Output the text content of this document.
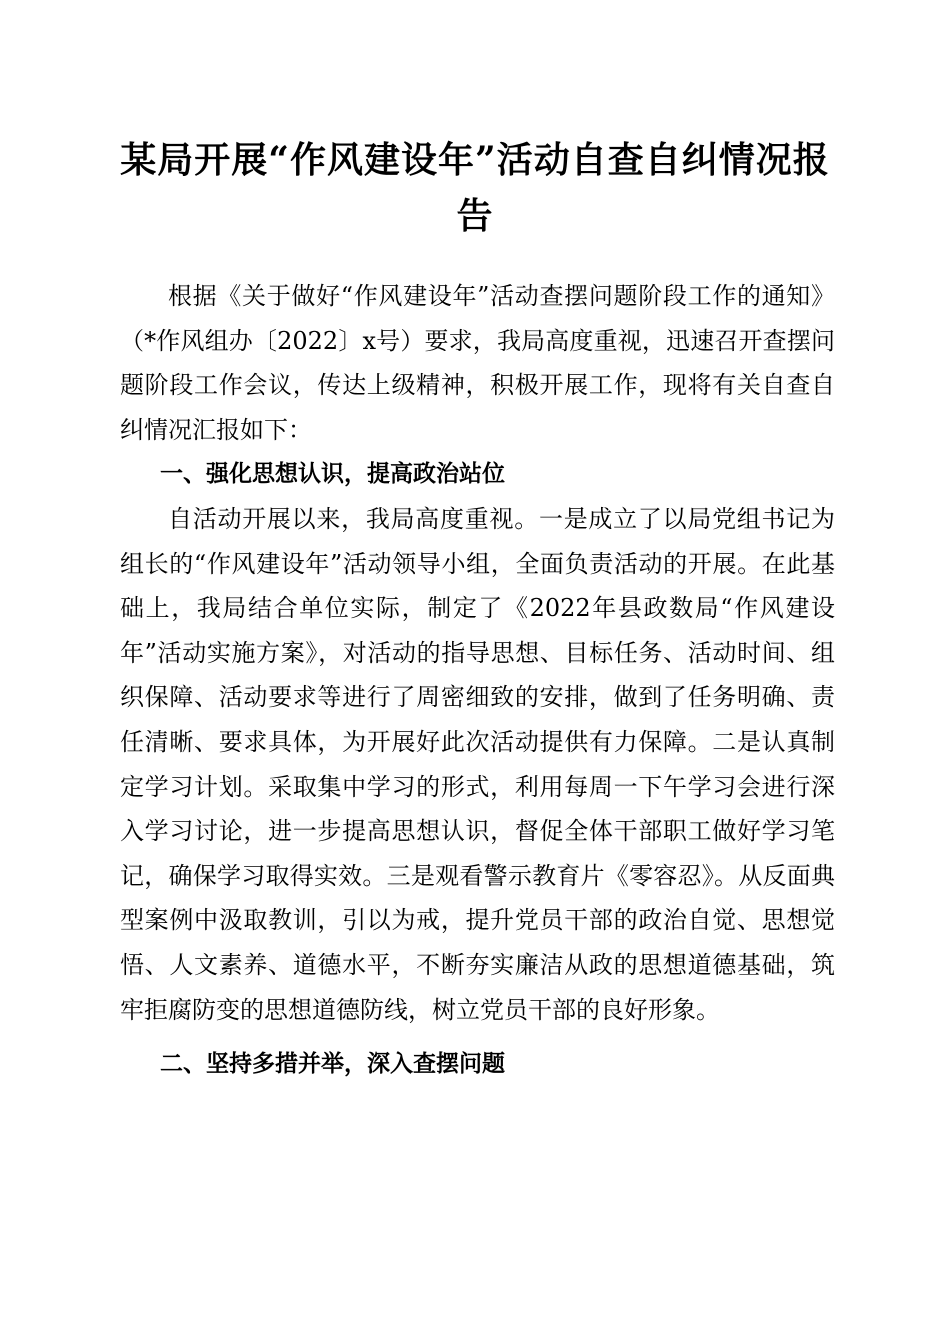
某局开展“作风建设年”活动自查自纠情况报告

根据《关于做好“作风建设年”活动查摆问题阶段工作的通知》（*作风组办〔2022〕x号）要求，我局高度重视，迅速召开查摆问题阶段工作会议，传达上级精神，积极开展工作，现将有关自查自纠情况汇报如下：

一、强化思想认识，提高政治站位

自活动开展以来，我局高度重视。一是成立了以局党组书记为组长的“作风建设年”活动领导小组，全面负责活动的开展。在此基础上，我局结合单位实际，制定了《2022年县政数局“作风建设年”活动实施方案》，对活动的指导思想、目标任务、活动时间、组织保障、活动要求等进行了周密细致的安排，做到了任务明确、责任清晰、要求具体，为开展好此次活动提供有力保障。二是认真制定学习计划。采取集中学习的形式，利用每周一下午学习会进行深入学习讨论，进一步提高思想认识，督促全体干部职工做好学习笔记，确保学习取得实效。三是观看警示教育片《零容忍》。从反面典型案例中汲取教训，引以为戒，提升党员干部的政治自觉、思想觉悟、人文素养、道德水平，不断夯实廉洁从政的思想道德基础，筑牢拒腐防变的思想道德防线，树立党员干部的良好形象。

二、坚持多措并举，深入查摆问题
